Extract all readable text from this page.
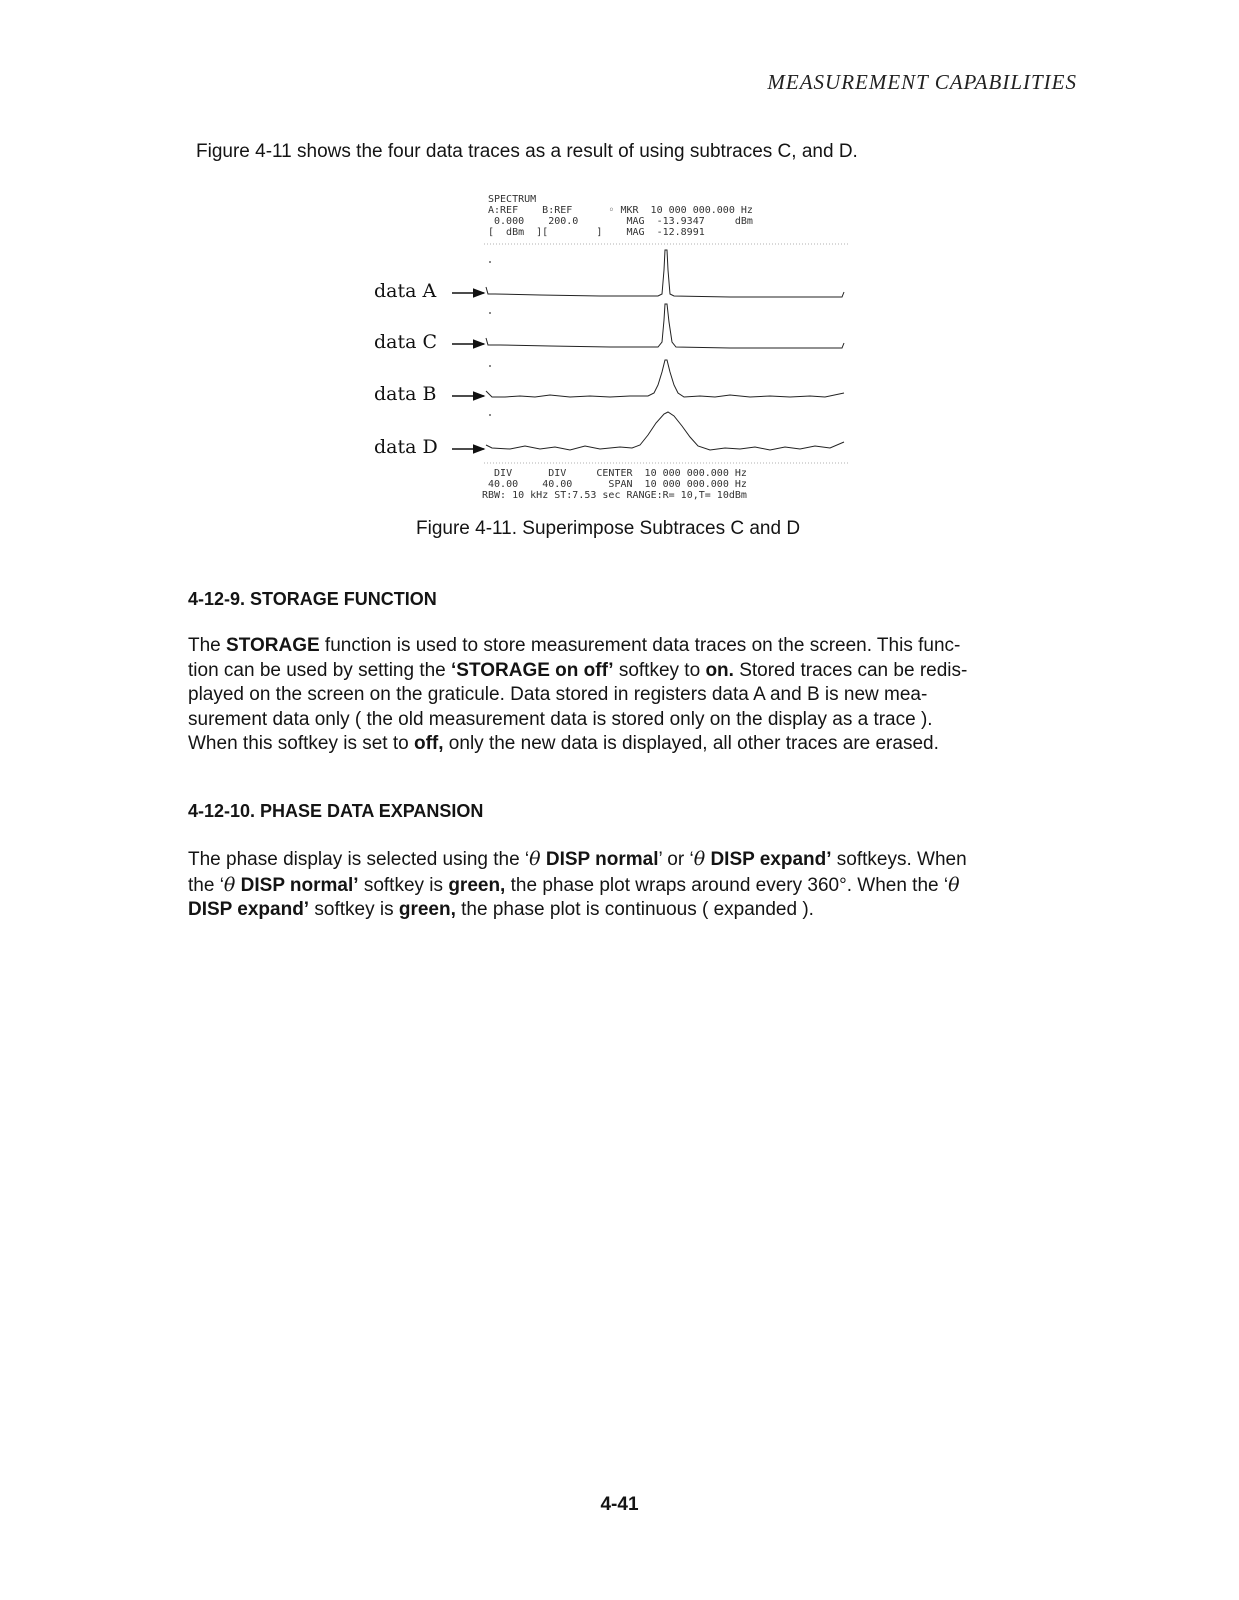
MEASUREMENT CAPABILITIES
Figure 4-11 shows the four data traces as a result of using subtraces C, and D.
SPECTRUM
A:REF    B:REF      ◦ MKR  10 000 000.000 Hz
0.000    200.0        MAG  -13.9347     dBm
[  dBm  ][        ]    MAG  -12.8991
data A
data C
data B
data D
DIV      DIV     CENTER  10 000 000.000 Hz
40.00    40.00      SPAN  10 000 000.000 Hz
RBW: 10 kHz ST:7.53 sec RANGE:R= 10,T= 10dBm
Figure 4-11. Superimpose Subtraces C and D
4-12-9. STORAGE FUNCTION

The STORAGE function is used to store measurement data traces on the screen. This func-

tion can be used by setting the ‘STORAGE on off’ softkey to on. Stored traces can be redis-

played on the screen on the graticule. Data stored in registers data A and B is new mea-

surement data only ( the old measurement data is stored only on the display as a trace ).

When this softkey is set to off, only the new data is displayed, all other traces are erased.

4-12-10. PHASE DATA EXPANSION

The phase display is selected using the ‘θ DISP normal’ or ‘θ DISP expand’ softkeys. When

the ‘θ DISP normal’ softkey is green, the phase plot wraps around every 360°. When the ‘θ

DISP expand’ softkey is green, the phase plot is continuous ( expanded ).

4-41
